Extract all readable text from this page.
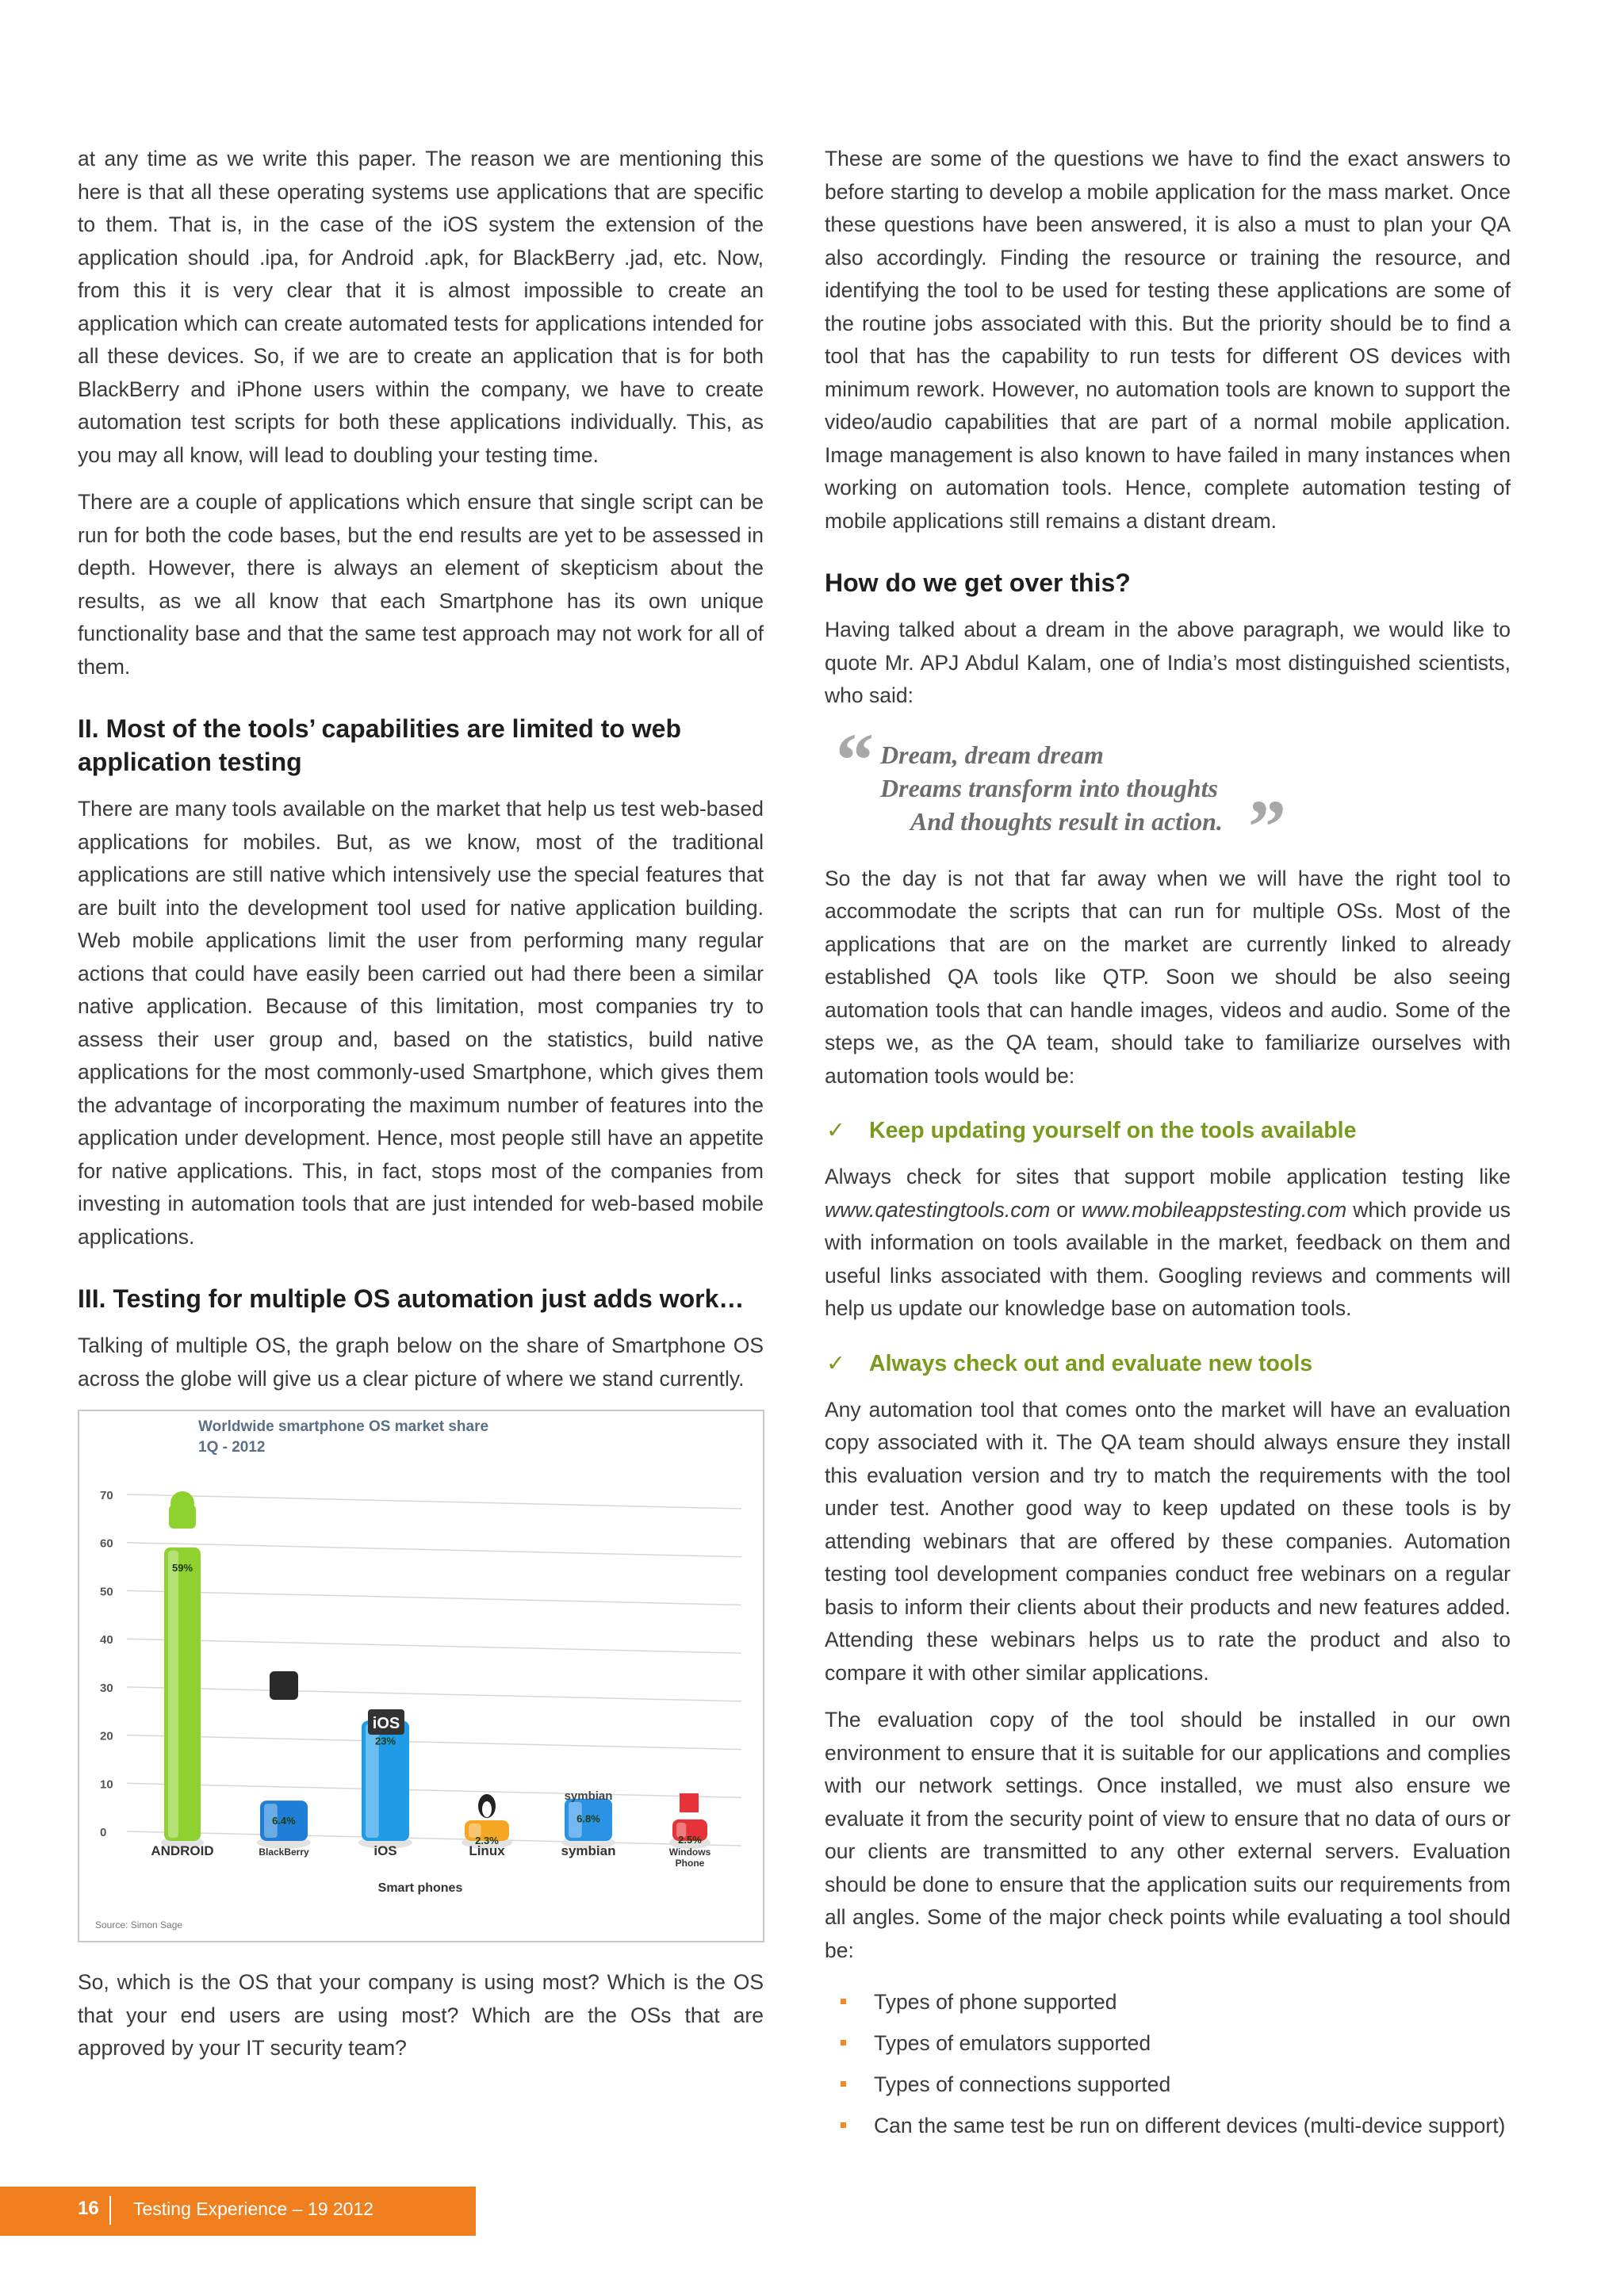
at any time as we write this paper. The reason we are mentioning this here is that all these operating systems use applications that are specific to them. That is, in the case of the iOS system the extension of the application should .ipa, for Android .apk, for BlackBerry .jad, etc. Now, from this it is very clear that it is almost impossible to create an application which can create automated tests for applications intended for all these devices. So, if we are to create an application that is for both BlackBerry and iPhone users within the company, we have to create automation test scripts for both these applications individually. This, as you may all know, will lead to doubling your testing time.

There are a couple of applications which ensure that single script can be run for both the code bases, but the end results are yet to be assessed in depth. However, there is always an element of skepticism about the results, as we all know that each Smartphone has its own unique functionality base and that the same test approach may not work for all of them.

II. Most of the tools’ capabilities are limited to web application testing

There are many tools available on the market that help us test web-based applications for mobiles. But, as we know, most of the traditional applications are still native which intensively use the special features that are built into the development tool used for native application building. Web mobile applications limit the user from performing many regular actions that could have easily been carried out had there been a similar native application. Because of this limitation, most companies try to assess their user group and, based on the statistics, build native applications for the most commonly-used Smartphone, which gives them the advantage of incorporating the maximum number of features into the application under development. Hence, most people still have an appetite for native applications. This, in fact, stops most of the companies from investing in automation tools that are just intended for web-based mobile applications.

III. Testing for multiple OS automation just adds work…

Talking of multiple OS, the graph below on the share of Smartphone OS across the globe will give us a clear picture of where we stand currently.

Worldwide smartphone OS market share
1Q - 2012
70
60
50
40
30
20
10
0
59%
6.4%
23%
2.3%
6.8%
2.5%
iOS
symbian
ANDROID	BlackBerry	iOS	Linux	symbian	Windows
Phone
Smart phones
Source: Simon Sage

So, which is the OS that your company is using most? Which is the OS that your end users are using most? Which are the OSs that are approved by your IT security team?

These are some of the questions we have to find the exact answers to before starting to develop a mobile application for the mass market. Once these questions have been answered, it is also a must to plan your QA also accordingly. Finding the resource or training the resource, and identifying the tool to be used for testing these applications are some of the routine jobs associated with this. But the priority should be to find a tool that has the capability to run tests for different OS devices with minimum rework. However, no automation tools are known to support the video/audio capabilities that are part of a normal mobile application. Image management is also known to have failed in many instances when working on automation tools. Hence, complete automation testing of mobile applications still remains a distant dream.

How do we get over this?

Having talked about a dream in the above paragraph, we would like to quote Mr. APJ Abdul Kalam, one of India’s most distinguished scientists, who said:

“ Dream, dream dream
Dreams transform into thoughts
And thoughts result in action. ”

So the day is not that far away when we will have the right tool to accommodate the scripts that can run for multiple OSs. Most of the applications that are on the market are currently linked to already established QA tools like QTP. Soon we should be also seeing automation tools that can handle images, videos and audio. Some of the steps we, as the QA team, should take to familiarize ourselves with automation tools would be:

✓ Keep updating yourself on the tools available

Always check for sites that support mobile application testing like www.qatestingtools.com or www.mobileappstesting.com which provide us with information on tools available in the market, feedback on them and useful links associated with them. Googling reviews and comments will help us update our knowledge base on automation tools.

✓ Always check out and evaluate new tools

Any automation tool that comes onto the market will have an evaluation copy associated with it. The QA team should always ensure they install this evaluation version and try to match the requirements with the tool under test. Another good way to keep updated on these tools is by attending webinars that are offered by these companies. Automation testing tool development companies conduct free webinars on a regular basis to inform their clients about their products and new features added. Attending these webinars helps us to rate the product and also to compare it with other similar applications.

The evaluation copy of the tool should be installed in our own environment to ensure that it is suitable for our applications and complies with our network settings. Once installed, we must also ensure we evaluate it from the security point of view to ensure that no data of ours or our clients are transmitted to any other external servers. Evaluation should be done to ensure that the application suits our requirements from all angles. Some of the major check points while evaluating a tool should be:

Types of phone supported
Types of emulators supported
Types of connections supported
Can the same test be run on different devices (multi-device support)
16 Testing Experience – 19 2012
